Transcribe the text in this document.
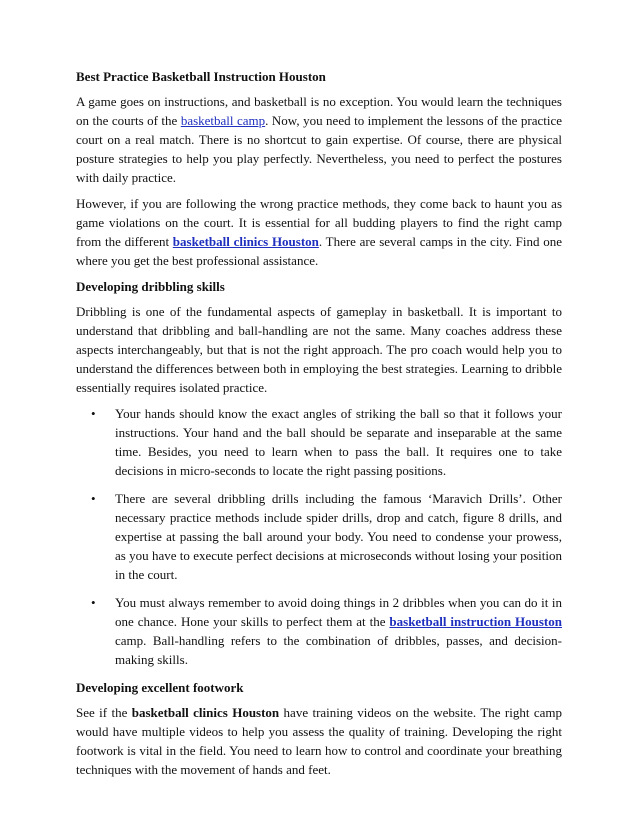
Best Practice Basketball Instruction Houston

A game goes on instructions, and basketball is no exception. You would learn the techniques on the courts of the basketball camp. Now, you need to implement the lessons of the practice court on a real match. There is no shortcut to gain expertise. Of course, there are physical posture strategies to help you play perfectly. Nevertheless, you need to perfect the postures with daily practice.

However, if you are following the wrong practice methods, they come back to haunt you as game violations on the court. It is essential for all budding players to find the right camp from the different basketball clinics Houston. There are several camps in the city. Find one where you get the best professional assistance.

Developing dribbling skills

Dribbling is one of the fundamental aspects of gameplay in basketball. It is important to understand that dribbling and ball-handling are not the same. Many coaches address these aspects interchangeably, but that is not the right approach. The pro coach would help you to understand the differences between both in employing the best strategies. Learning to dribble essentially requires isolated practice.

• Your hands should know the exact angles of striking the ball so that it follows your instructions. Your hand and the ball should be separate and inseparable at the same time. Besides, you need to learn when to pass the ball. It requires one to take decisions in micro-seconds to locate the right passing positions.
• There are several dribbling drills including the famous ‘Maravich Drills’. Other necessary practice methods include spider drills, drop and catch, figure 8 drills, and expertise at passing the ball around your body. You need to condense your prowess, as you have to execute perfect decisions at microseconds without losing your position in the court.
• You must always remember to avoid doing things in 2 dribbles when you can do it in one chance. Hone your skills to perfect them at the basketball instruction Houston camp. Ball-handling refers to the combination of dribbles, passes, and decision-making skills.
Developing excellent footwork

See if the basketball clinics Houston have training videos on the website. The right camp would have multiple videos to help you assess the quality of training. Developing the right footwork is vital in the field. You need to learn how to control and coordinate your breathing techniques with the movement of hands and feet.
